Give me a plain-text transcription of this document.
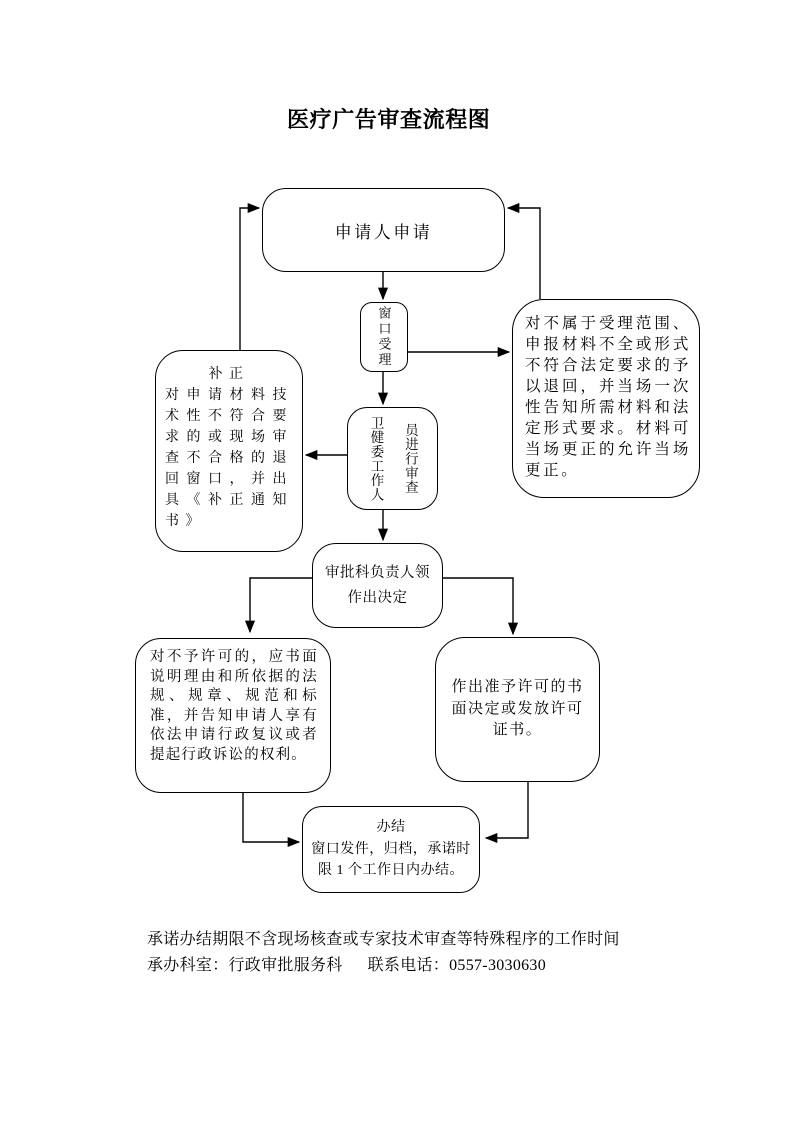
医疗广告审查流程图
申请人申请
窗口受理	对不属于受理范围、申报材料不全或形式不符合法定要求的予以退回，并当场一次性告知所需材料和法定形式要求。材料可当场更正的允许当场更正。
补正
对申请材料技术性不符合要求的或现场审查不合格的退回窗口，并出具《补正通知书》
卫健委工作人员进行审查
审批科负责人领
作出决定
对不予许可的，应书面说明理由和所依据的法规、规章、规范和标准，并告知申请人享有依法申请行政复议或者提起行政诉讼的权利。
作出准予许可的书面决定或发放许可证书。
办结
窗口发件，归档，承诺时限 1 个工作日内办结。
承诺办结期限不含现场核查或专家技术审查等特殊程序的工作时间
承办科室：行政审批服务科 联系电话：0557-3030630
